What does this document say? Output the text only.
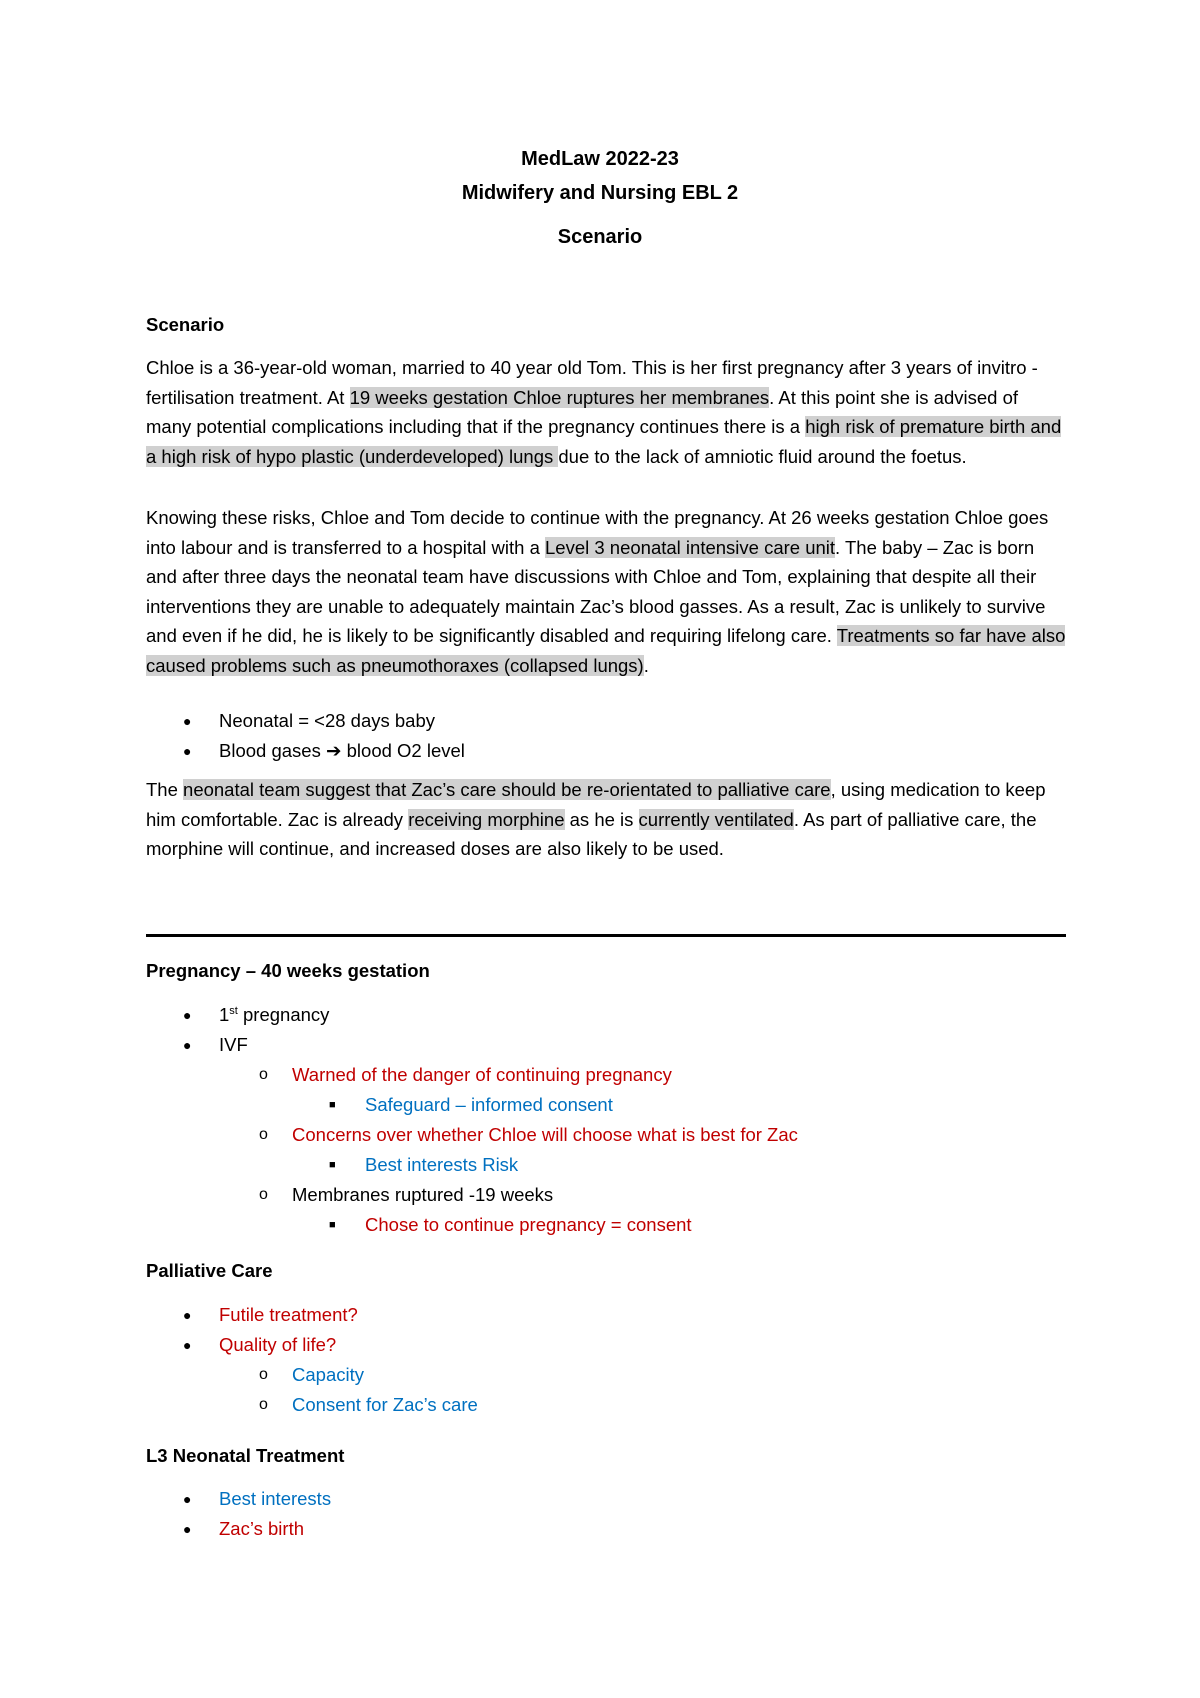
MedLaw 2022-23
Midwifery and Nursing EBL 2
Scenario
Scenario

Chloe is a 36-year-old woman, married to 40 year old Tom. This is her first pregnancy after 3 years of invitro - fertilisation treatment. At 19 weeks gestation Chloe ruptures her membranes. At this point she is advised of many potential complications including that if the pregnancy continues there is a high risk of premature birth and a high risk of hypo plastic (underdeveloped) lungs due to the lack of amniotic fluid around the foetus.

Knowing these risks, Chloe and Tom decide to continue with the pregnancy. At 26 weeks gestation Chloe goes into labour and is transferred to a hospital with a Level 3 neonatal intensive care unit. The baby – Zac is born and after three days the neonatal team have discussions with Chloe and Tom, explaining that despite all their interventions they are unable to adequately maintain Zac’s blood gasses. As a result, Zac is unlikely to survive and even if he did, he is likely to be significantly disabled and requiring lifelong care. Treatments so far have also caused problems such as pneumothoraxes (collapsed lungs).

● Neonatal = <28 days baby
● Blood gases ➔ blood O2 level

The neonatal team suggest that Zac’s care should be re-orientated to palliative care, using medication to keep him comfortable. Zac is already receiving morphine as he is currently ventilated. As part of palliative care, the morphine will continue, and increased doses are also likely to be used.

Pregnancy – 40 weeks gestation
● 1st pregnancy
● IVF
o Warned of the danger of continuing pregnancy
■ Safeguard – informed consent
o Concerns over whether Chloe will choose what is best for Zac
■ Best interests Risk
o Membranes ruptured -19 weeks
■ Chose to continue pregnancy = consent
Palliative Care
● Futile treatment?
● Quality of life?
o Capacity
o Consent for Zac’s care
L3 Neonatal Treatment
● Best interests
● Zac’s birth
